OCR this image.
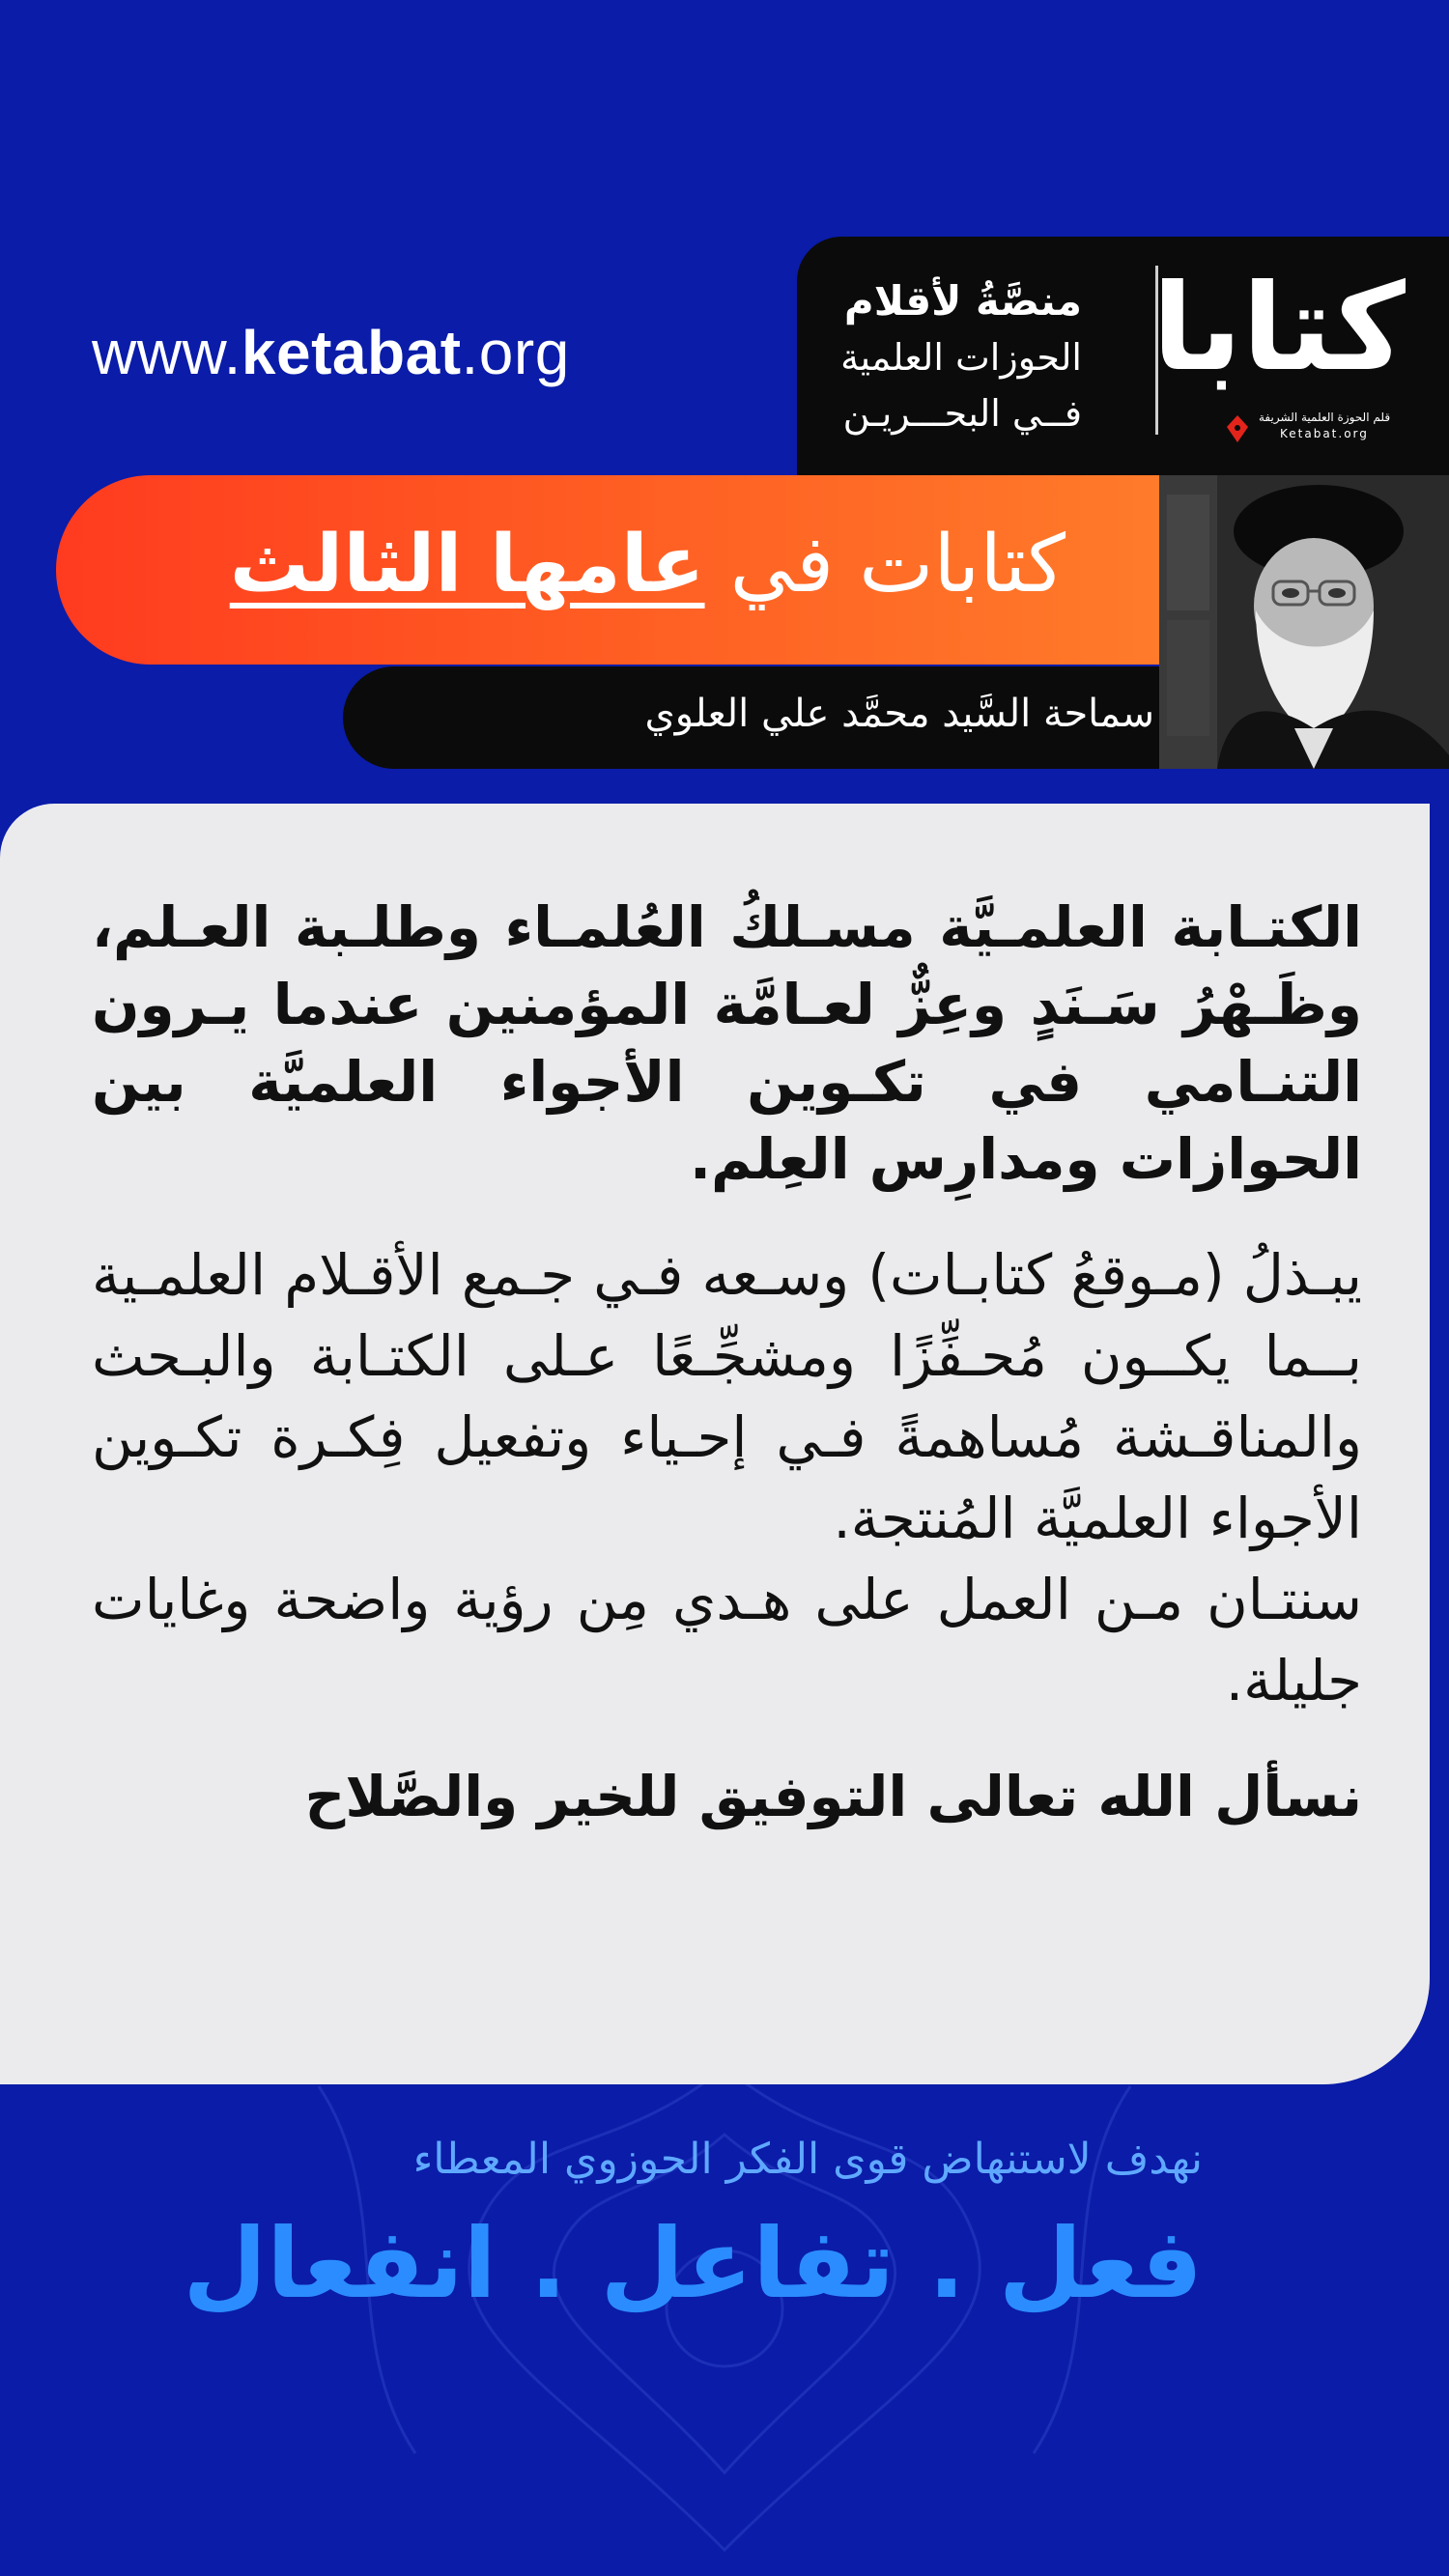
www.ketabat.org
منصَّةُ لأقلام
الحوزات العلمية
فــي البحـــريـن
كتابا
قلم الحوزة العلمية الشريفة
Ketabat.org
كتابات في عامها الثالث
سماحة السَّيد محمَّد علي العلوي

الكتـابة العلمـيَّة مسـلكُ العُلمـاء وطلـبة العـلم، وظَـهْرُ سَـنَدٍ وعِزٌّ لعـامَّة المؤمنين عندما يـرون التنـامي في تكـوين الأجواء العلميَّة بين الحوازات ومدارِس العِلم.

يبـذلُ (مـوقعُ كتابـات) وسـعه فـي جـمع الأقـلام العلمـية بــما يكــون مُحـفِّزًا ومشجِّـعًا عـلى الكتـابة والبـحث والمناقـشة مُساهمةً فـي إحـياء وتفعيل فِكـرة تكـوين الأجواء العلميَّة المُنتجة.

سنتـان مـن العمل على هـدي مِن رؤية واضحة وغايات جليلة.

نسأل الله تعالى التوفيق للخير والصَّلاح

نهدف لاستنهاض قوى الفكر الحوزوي المعطاء
فعل . تفاعل . انفعال
